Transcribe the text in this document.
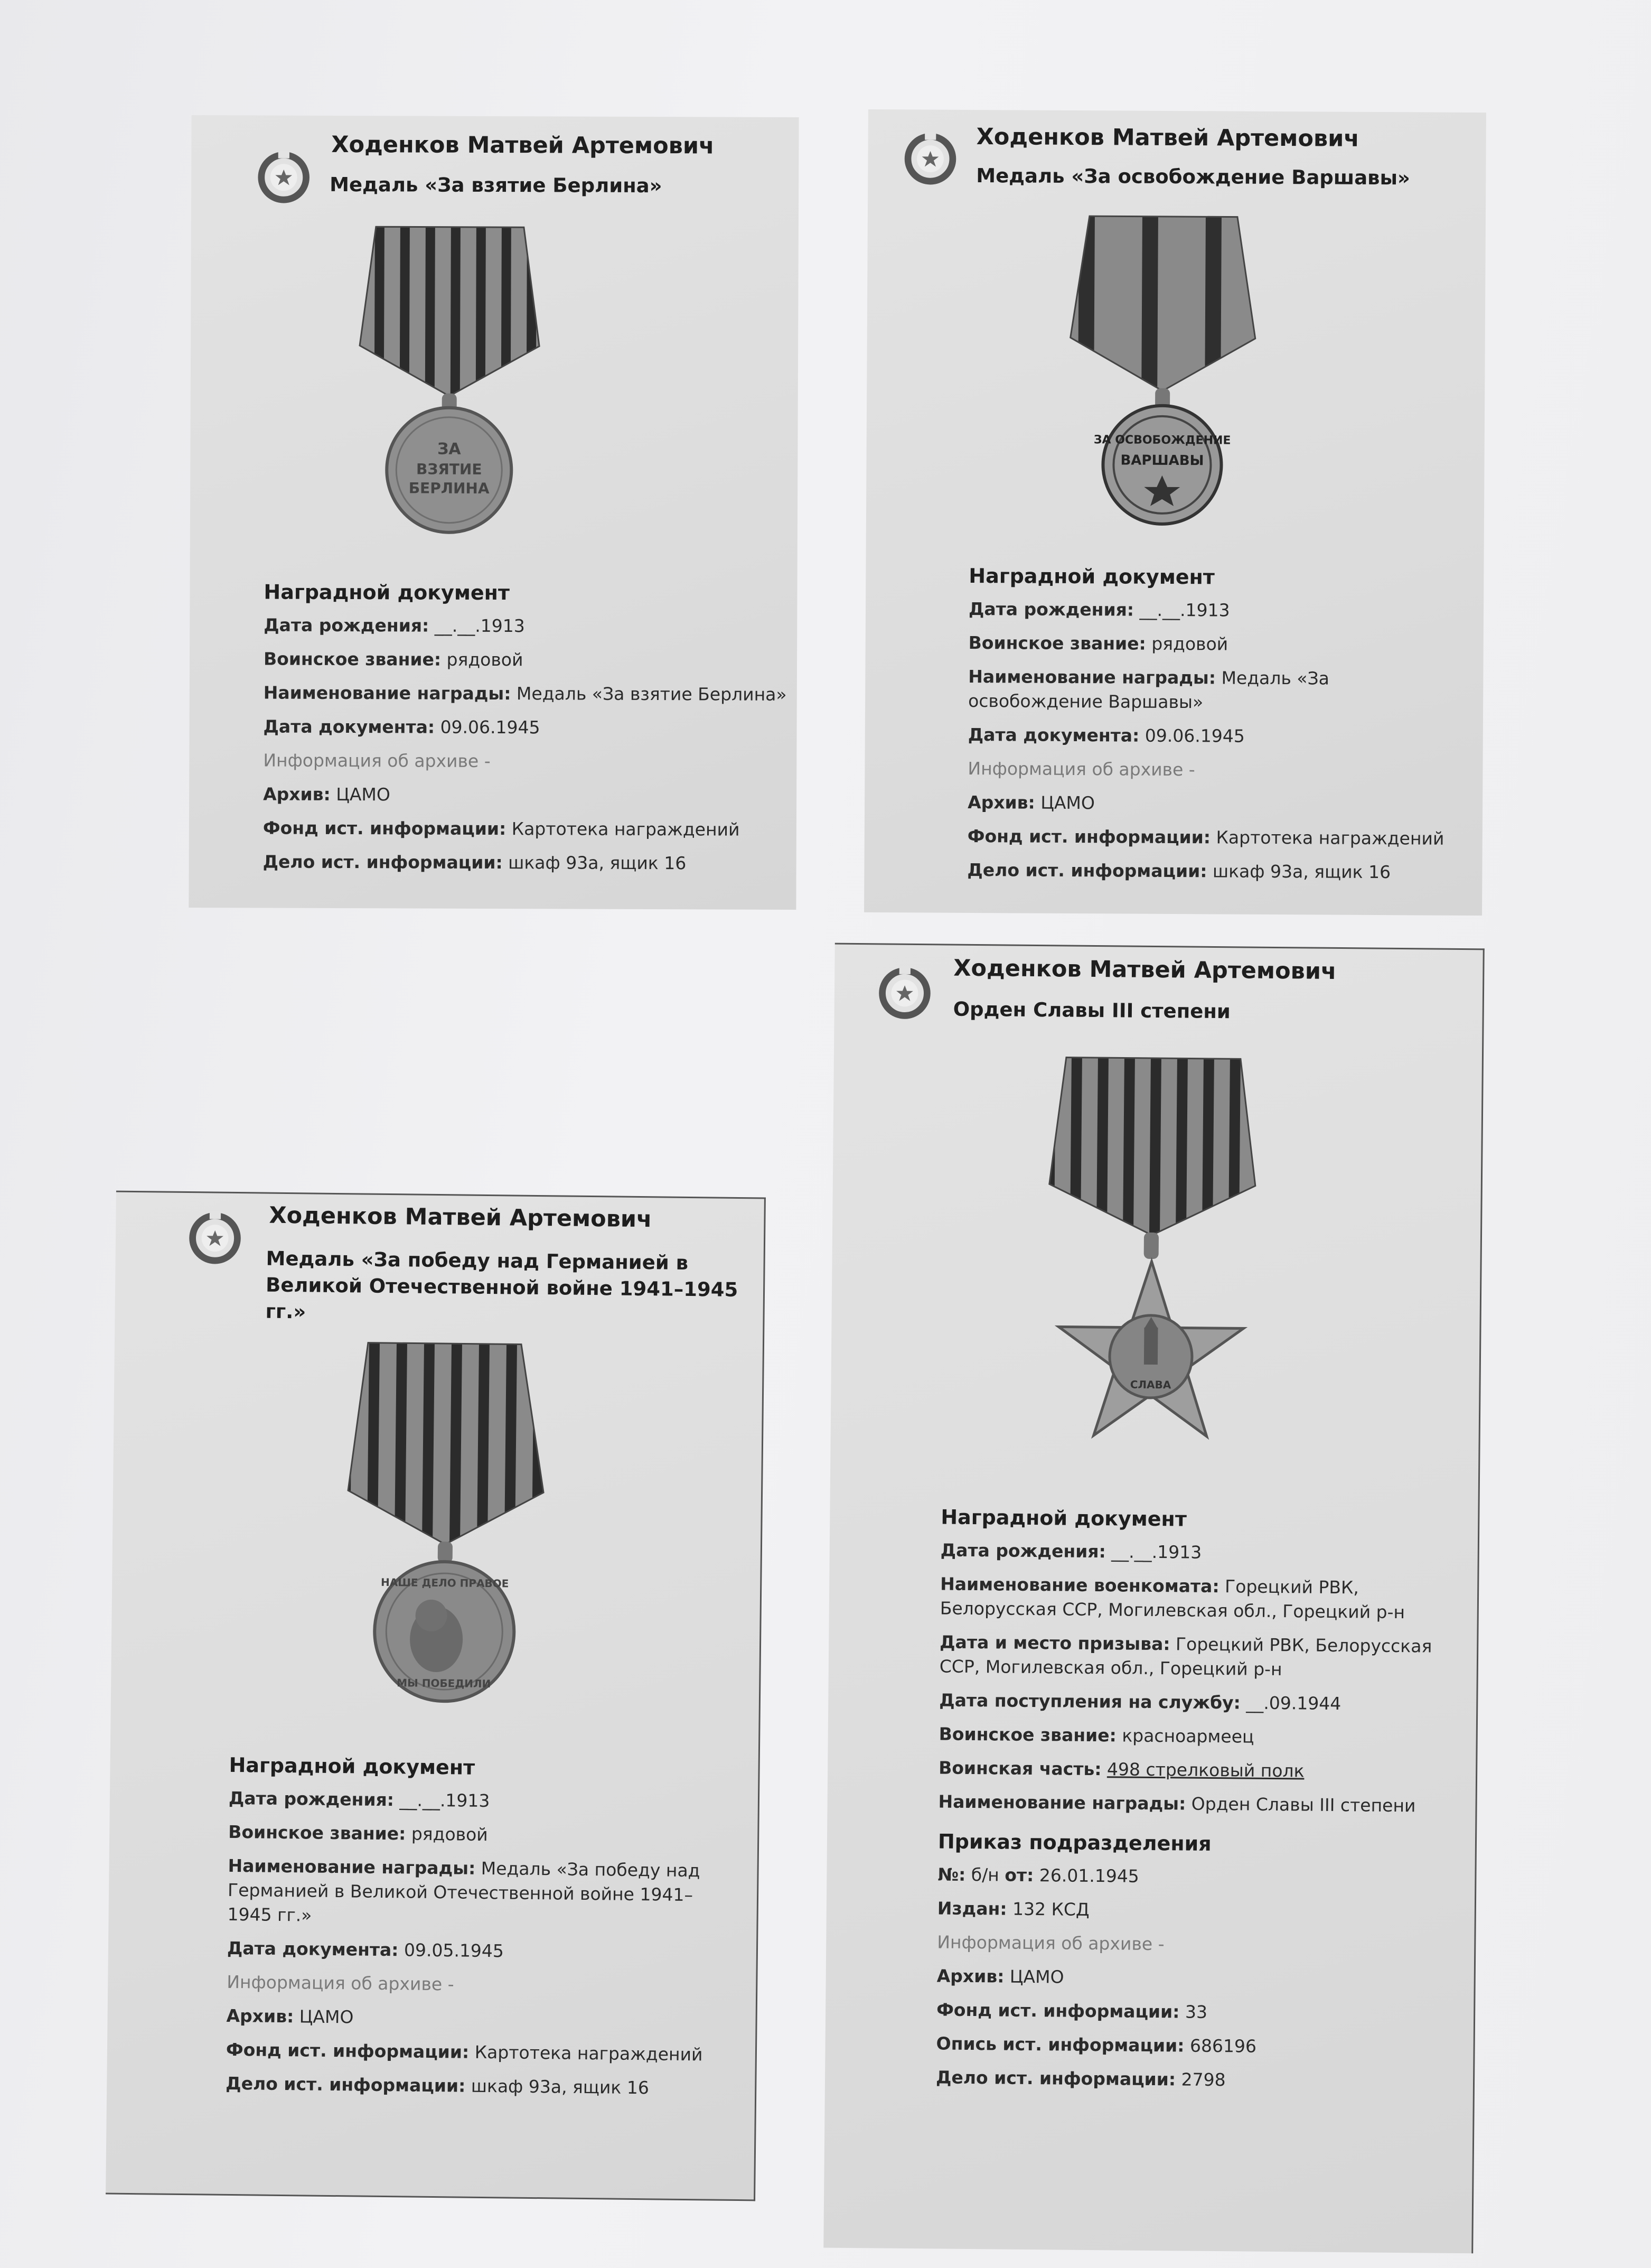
Ходенков Матвей Артемович
Медаль «За взятие Берлина»
ЗА
ВЗЯТИЕ
БЕРЛИНА
Наградной документ
Дата рождения: __.__.1913
Воинское звание: рядовой
Наименование награды: Медаль «За взятие Берлина»
Дата документа: 09.06.1945
Информация об архиве -
Архив: ЦАМО
Фонд ист. информации: Картотека награждений
Дело ист. информации: шкаф 93а, ящик 16
Ходенков Матвей Артемович
Медаль «За освобождение Варшавы»
ЗА ОСВОБОЖДЕНИЕ
ВАРШАВЫ
Наградной документ
Дата рождения: __.__.1913
Воинское звание: рядовой
Наименование награды: Медаль «За освобождение Варшавы»
Дата документа: 09.06.1945
Информация об архиве -
Архив: ЦАМО
Фонд ист. информации: Картотека награждений
Дело ист. информации: шкаф 93а, ящик 16
Ходенков Матвей Артемович
Орден Славы III степени
СЛАВА
Наградной документ
Дата рождения: __.__.1913
Наименование военкомата: Горецкий РВК, Белорусская ССР, Могилевская обл., Горецкий р-н
Дата и место призыва: Горецкий РВК, Белорусская ССР, Могилевская обл., Горецкий р-н
Дата поступления на службу: __.09.1944
Воинское звание: красноармеец
Воинская часть: 498 стрелковый полк
Наименование награды: Орден Славы III степени
Приказ подразделения
№: б/н от: 26.01.1945
Издан: 132 КСД
Информация об архиве -
Архив: ЦАМО
Фонд ист. информации: 33
Опись ист. информации: 686196
Дело ист. информации: 2798
Ходенков Матвей Артемович
Медаль «За победу над Германией в Великой Отечественной войне 1941–1945 гг.»
НАШЕ ДЕЛО ПРАВОЕ
МЫ ПОБЕДИЛИ
Наградной документ
Дата рождения: __.__.1913
Воинское звание: рядовой
Наименование награды: Медаль «За победу над Германией в Великой Отечественной войне 1941–1945 гг.»
Дата документа: 09.05.1945
Информация об архиве -
Архив: ЦАМО
Фонд ист. информации: Картотека награждений
Дело ист. информации: шкаф 93а, ящик 16
